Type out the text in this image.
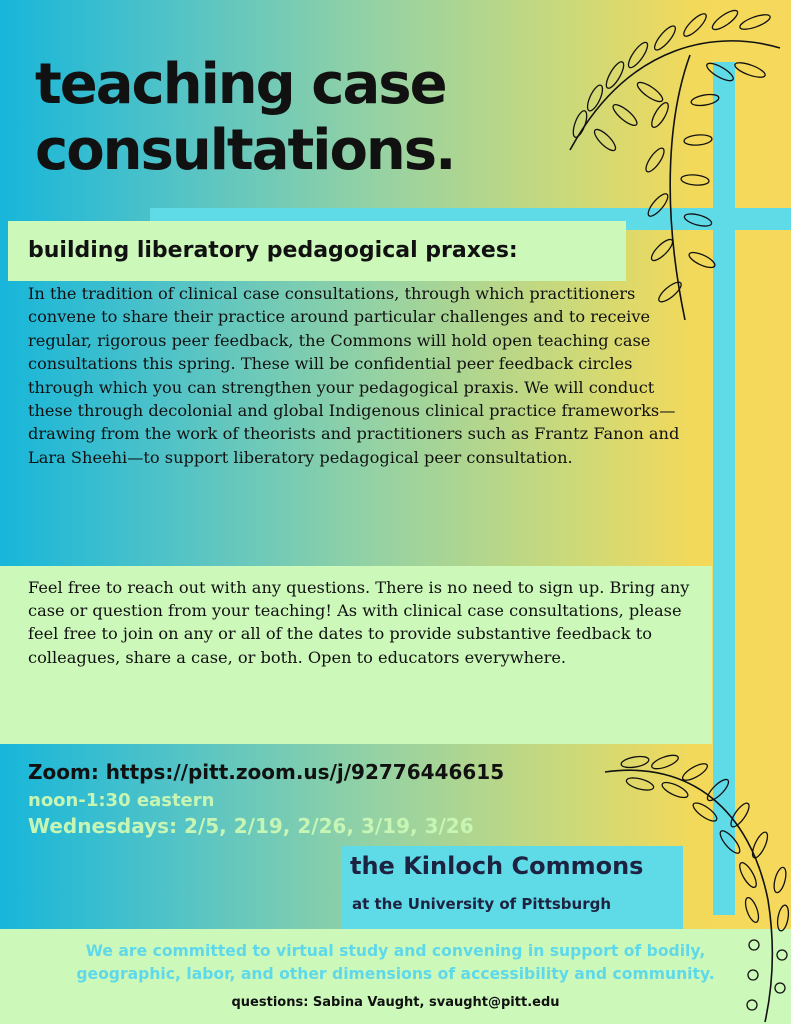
teaching case
consultations.
building liberatory pedagogical praxes:

In the tradition of clinical case consultations, through which practitioners convene to share their practice around particular challenges and to receive regular, rigorous peer feedback, the Commons will hold open teaching case consultations this spring. These will be confidential peer feedback circles through which you can strengthen your pedagogical praxis. We will conduct these through decolonial and global Indigenous clinical practice frameworks—drawing from the work of theorists and practitioners such as Frantz Fanon and Lara Sheehi—to support liberatory pedagogical peer consultation.

Feel free to reach out with any questions. There is no need to sign up. Bring any case or question from your teaching! As with clinical case consultations, please feel free to join on any or all of the dates to provide substantive feedback to colleagues, share a case, or both. Open to educators everywhere.

Zoom: https://pitt.zoom.us/j/92776446615

noon-1:30 eastern

Wednesdays: 2/5, 2/19, 2/26, 3/19, 3/26

the Kinloch Commons

at the University of Pittsburgh

We are committed to virtual study and convening in support of bodily,
geographic, labor, and other dimensions of accessibility and community.

questions: Sabina Vaught, svaught@pitt.edu
